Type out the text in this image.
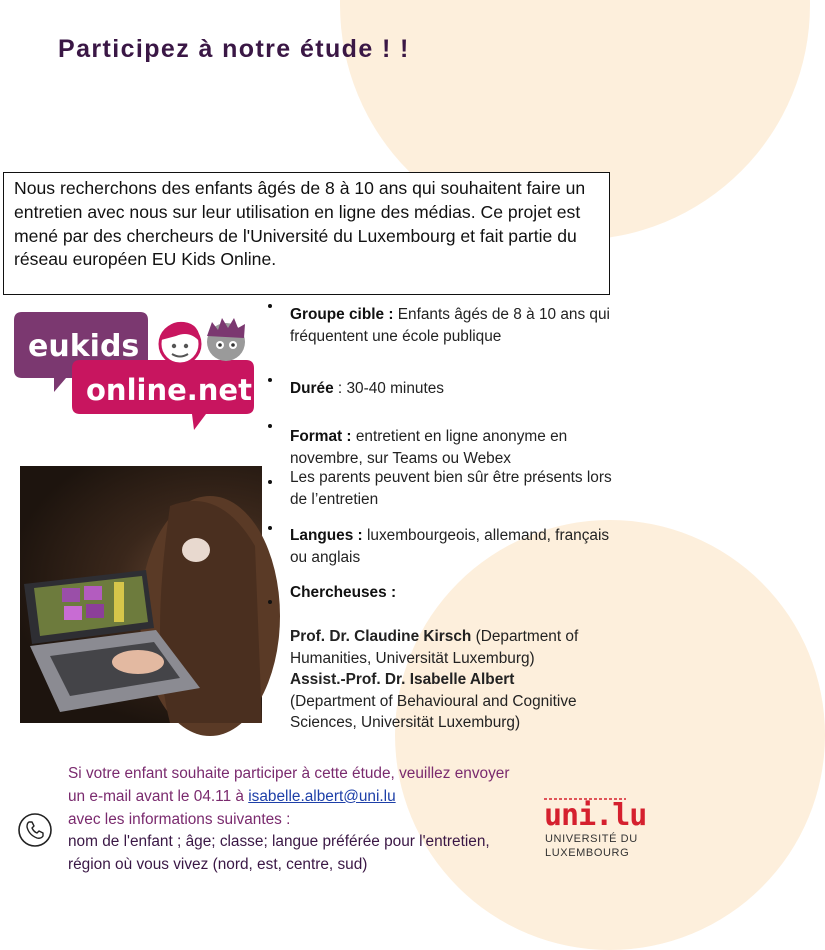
Participez à notre étude ! !
Nous recherchons des enfants âgés de 8 à 10 ans qui souhaitent faire un entretien avec nous sur leur utilisation en ligne des médias. Ce projet est mené par des chercheurs de l'Université du Luxembourg et fait partie du réseau européen EU Kids Online.
eukids
online.net
Groupe cible : Enfants âgés de 8 à 10 ans qui fréquentent une école publique
Durée : 30-40 minutes
Format : entretient en ligne anonyme en novembre, sur Teams ou Webex
Les parents peuvent bien sûr être présents lors de l’entretien
Langues : luxembourgeois, allemand, français ou anglais
Chercheuses :
Prof. Dr. Claudine Kirsch (Department of Humanities, Universität Luxemburg)
Assist.-Prof. Dr. Isabelle Albert
(Department of Behavioural and Cognitive Sciences, Universität Luxemburg)
Si votre enfant souhaite participer à cette étude, veuillez envoyer un e-mail avant le 04.11 à isabelle.albert@uni.lu
avec les informations suivantes :
nom de l'enfant ; âge; classe; langue préférée pour l'entretien, région où vous vivez (nord, est, centre, sud)
uni.lu
UNIVERSITÉ DU
LUXEMBOURG
